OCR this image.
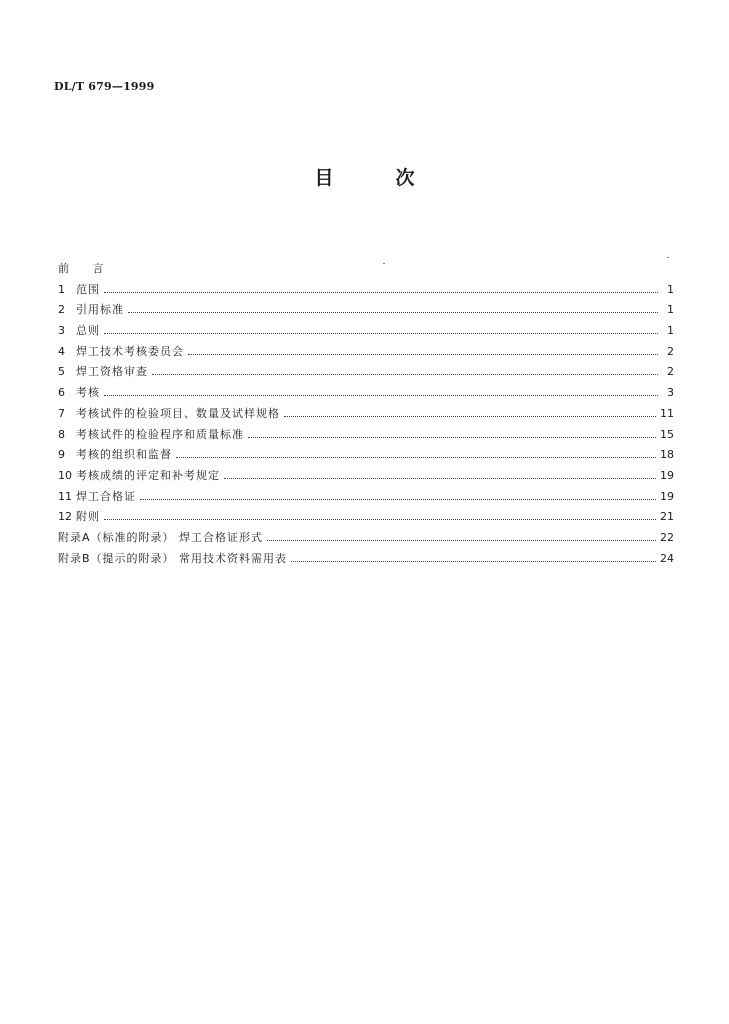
DL/T 679—1999
目	次
前 言
1	范围	1
2	引用标准	1
3	总则	1
4	焊工技术考核委员会	2
5	焊工资格审查	2
6	考核	3
7	考核试件的检验项目、数量及试样规格	11
8	考核试件的检验程序和质量标准	15
9	考核的组织和监督	18
10 考核成绩的评定和补考规定	19
11 焊工合格证	19
12 附则	21
附录A（标准的附录） 焊工合格证形式	22
附录B（提示的附录） 常用技术资料需用表	24
